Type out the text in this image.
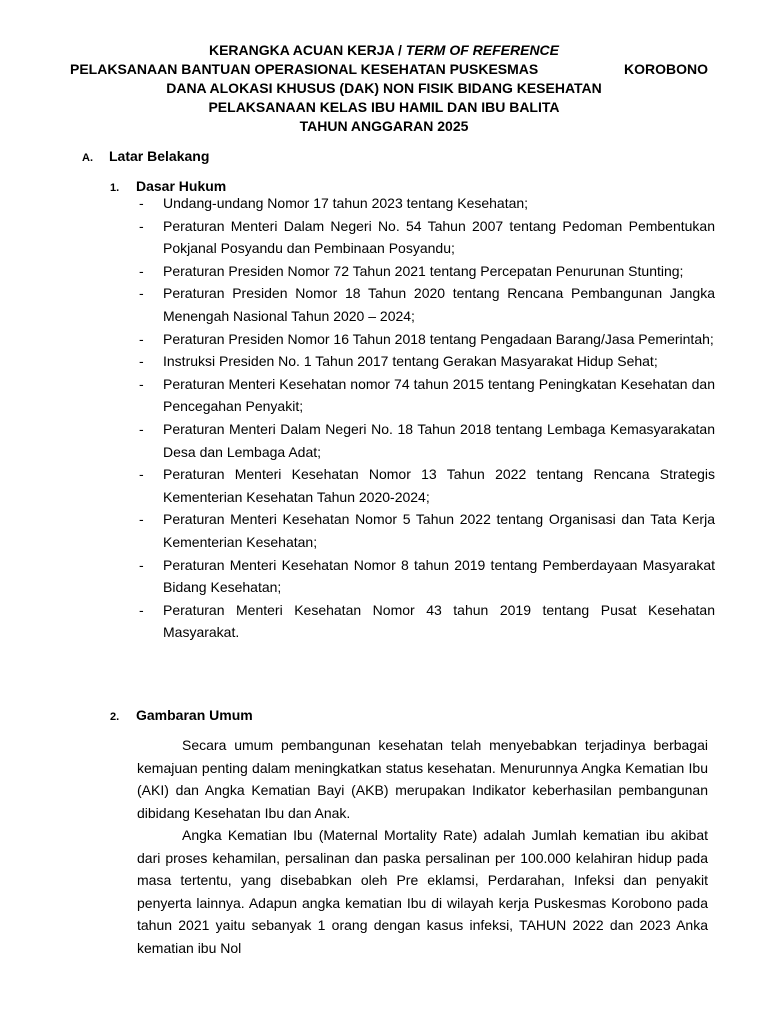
KERANGKA ACUAN KERJA / TERM OF REFERENCE
PELAKSANAAN BANTUAN OPERASIONAL KESEHATAN PUSKESMAS	KOROBONO
DANA ALOKASI KHUSUS (DAK) NON FISIK BIDANG KESEHATAN
PELAKSANAAN KELAS IBU HAMIL DAN IBU BALITA
TAHUN ANGGARAN 2025
A. Latar Belakang
1. Dasar Hukum
- Undang-undang Nomor 17 tahun 2023 tentang Kesehatan;
- Peraturan Menteri Dalam Negeri No. 54 Tahun 2007 tentang Pedoman Pembentukan Pokjanal Posyandu dan Pembinaan Posyandu;
- Peraturan Presiden Nomor 72 Tahun 2021 tentang Percepatan Penurunan Stunting;
- Peraturan Presiden Nomor 18 Tahun 2020 tentang Rencana Pembangunan Jangka Menengah Nasional Tahun 2020 – 2024;
- Peraturan Presiden Nomor 16 Tahun 2018 tentang Pengadaan Barang/Jasa Pemerintah;
- Instruksi Presiden No. 1 Tahun 2017 tentang Gerakan Masyarakat Hidup Sehat;
- Peraturan Menteri Kesehatan nomor 74 tahun 2015 tentang Peningkatan Kesehatan dan Pencegahan Penyakit;
- Peraturan Menteri Dalam Negeri No. 18 Tahun 2018 tentang Lembaga Kemasyarakatan Desa dan Lembaga Adat;
- Peraturan Menteri Kesehatan Nomor 13 Tahun 2022 tentang Rencana Strategis Kementerian Kesehatan Tahun 2020-2024;
- Peraturan Menteri Kesehatan Nomor 5 Tahun 2022 tentang Organisasi dan Tata Kerja Kementerian Kesehatan;
- Peraturan Menteri Kesehatan Nomor 8 tahun 2019 tentang Pemberdayaan Masyarakat Bidang Kesehatan;
- Peraturan Menteri Kesehatan Nomor 43 tahun 2019 tentang Pusat Kesehatan Masyarakat.
2. Gambaran Umum

Secara umum pembangunan kesehatan telah menyebabkan terjadinya berbagai kemajuan penting dalam meningkatkan status kesehatan. Menurunnya Angka Kematian Ibu (AKI) dan Angka Kematian Bayi (AKB) merupakan Indikator keberhasilan pembangunan dibidang Kesehatan Ibu dan Anak.

Angka Kematian Ibu (Maternal Mortality Rate) adalah Jumlah kematian ibu akibat dari proses kehamilan, persalinan dan paska persalinan per 100.000 kelahiran hidup pada masa tertentu, yang disebabkan oleh Pre eklamsi, Perdarahan, Infeksi dan penyakit penyerta lainnya. Adapun angka kematian Ibu di wilayah kerja Puskesmas Korobono pada tahun 2021 yaitu sebanyak 1 orang dengan kasus infeksi, TAHUN 2022 dan 2023 Anka kematian ibu Nol
